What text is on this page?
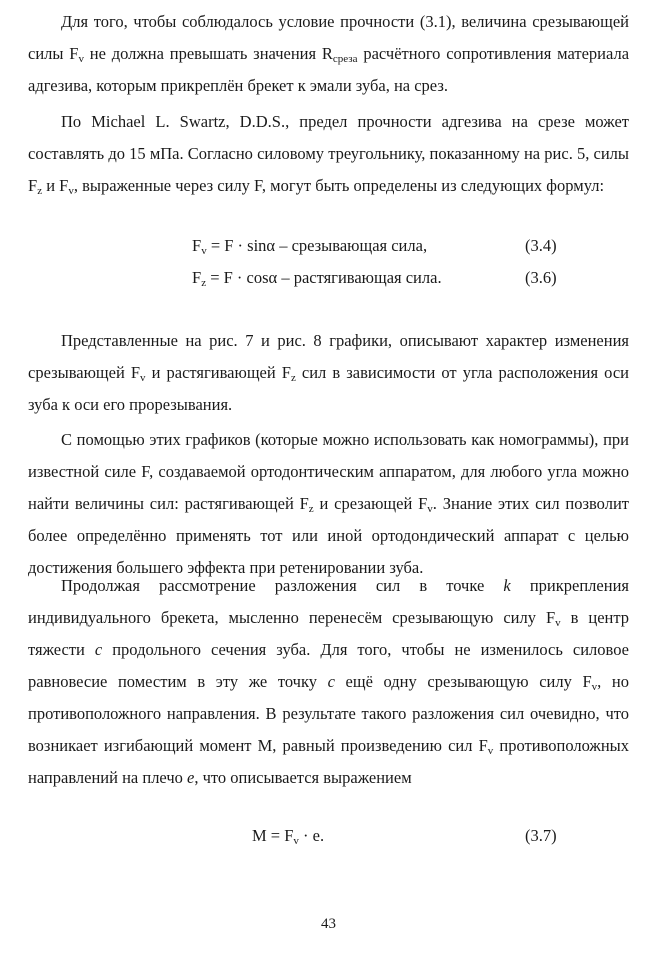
Для того, чтобы соблюдалось условие прочности (3.1), величина срезывающей силы $F_v$ не должна превышать значения $R_{среза}$ расчётного сопротивления материала адгезива, которым прикреплён брекет к эмали зуба, на срез.

По Michael L. Swartz, D.D.S., предел прочности адгезива на срезе может составлять до 15 мПа. Согласно силовому треугольнику, показанному на рис. 5, силы $F_z$ и $F_v$, выраженные через силу F, могут быть определены из следующих формул:

$F_v = F \cdot \sin\alpha$ – срезывающая сила,	(3.4)
$F_z = F \cdot \cos\alpha$ – растягивающая сила.	(3.6)

Представленные на рис. 7 и рис. 8 графики, описывают характер изменения срезывающей $F_v$ и растягивающей $F_z$ сил в зависимости от угла расположения оси зуба к оси его прорезывания.

С помощью этих графиков (которые можно использовать как номограммы), при известной силе F, создаваемой ортодонтическим аппаратом, для любого угла можно найти величины сил: растягивающей $F_z$ и срезающей $F_v$. Знание этих сил позволит более определённо применять тот или иной ортодондический аппарат с целью достижения большего эффекта при ретенировании зуба.

Продолжая рассмотрение разложения сил в точке k прикрепления индивидуального брекета, мысленно перенесём срезывающую силу $F_v$ в центр тяжести c продольного сечения зуба. Для того, чтобы не изменилось силовое равновесие поместим в эту же точку c ещё одну срезывающую силу $F_v$, но противоположного направления. В результате такого разложения сил очевидно, что возникает изгибающий момент M, равный произведению сил $F_v$ противоположных направлений на плечо e, что описывается выражением

$M = F_v \cdot e$.	(3.7)
43
